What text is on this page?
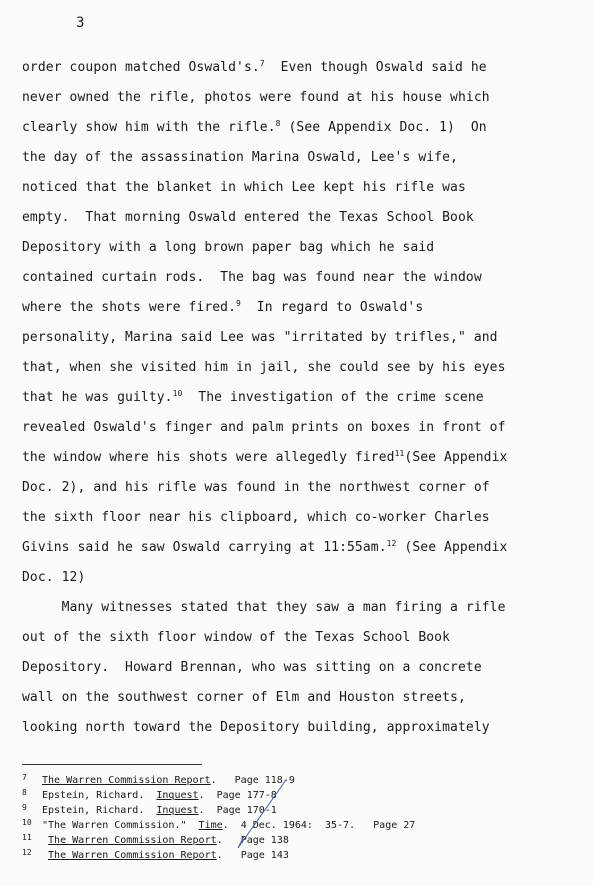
3
order coupon matched Oswald's.$^7$  Even though Oswald said he
never owned the rifle, photos were found at his house which
clearly show him with the rifle.$^8$ (See Appendix Doc. 1)  On
the day of the assassination Marina Oswald, Lee's wife,
noticed that the blanket in which Lee kept his rifle was
empty.  That morning Oswald entered the Texas School Book
Depository with a long brown paper bag which he said
contained curtain rods.  The bag was found near the window
where the shots were fired.$^9$  In regard to Oswald's
personality, Marina said Lee was "irritated by trifles," and
that, when she visited him in jail, she could see by his eyes
that he was guilty.$^{10}$  The investigation of the crime scene
revealed Oswald's finger and palm prints on boxes in front of
the window where his shots were allegedly fired$^{11}$(See Appendix
Doc. 2), and his rifle was found in the northwest corner of
the sixth floor near his clipboard, which co-worker Charles
Givins said he saw Oswald carrying at 11:55am.$^{12}$ (See Appendix
Doc. 12)
Many witnesses stated that they saw a man firing a rifle
out of the sixth floor window of the Texas School Book
Depository.  Howard Brennan, who was sitting on a concrete
wall on the southwest corner of Elm and Houston streets,
looking north toward the Depository building, approximately
7 The Warren Commission Report.   Page 118-9
8 Epstein, Richard.  Inquest.  Page 177-8
9 Epstein, Richard.  Inquest.  Page 170-1
10 "The Warren Commission."  Time.  4 Dec. 1964:  35-7.   Page 27
11 The Warren Commission Report.   Page 138
12 The Warren Commission Report.   Page 143
